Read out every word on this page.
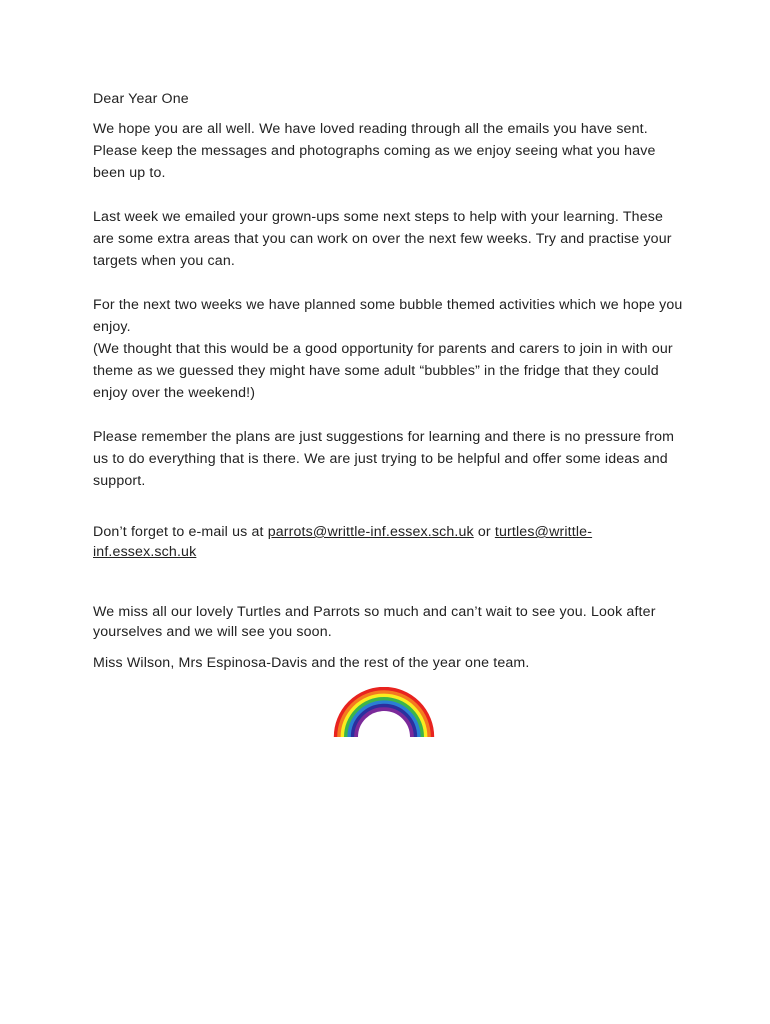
Dear Year One

We hope you are all well. We have loved reading through all the emails you have sent. Please keep the messages and photographs coming as we enjoy seeing what you have been up to.

Last week we emailed your grown-ups some next steps to help with your learning. These are some extra areas that you can work on over the next few weeks. Try and practise your targets when you can.

For the next two weeks we have planned some bubble themed activities which we hope you enjoy.

(We thought that this would be a good opportunity for parents and carers to join in with our theme as we guessed they might have some adult “bubbles” in the fridge that they could enjoy over the weekend!)

Please remember the plans are just suggestions for learning and there is no pressure from us to do everything that is there. We are just trying to be helpful and offer some ideas and support.

Don’t forget to e-mail us at parrots@writtle-inf.essex.sch.uk or turtles@writtle-inf.essex.sch.uk

We miss all our lovely Turtles and Parrots so much and can’t wait to see you. Look after yourselves and we will see you soon.

Miss Wilson, Mrs Espinosa-Davis and the rest of the year one team.
